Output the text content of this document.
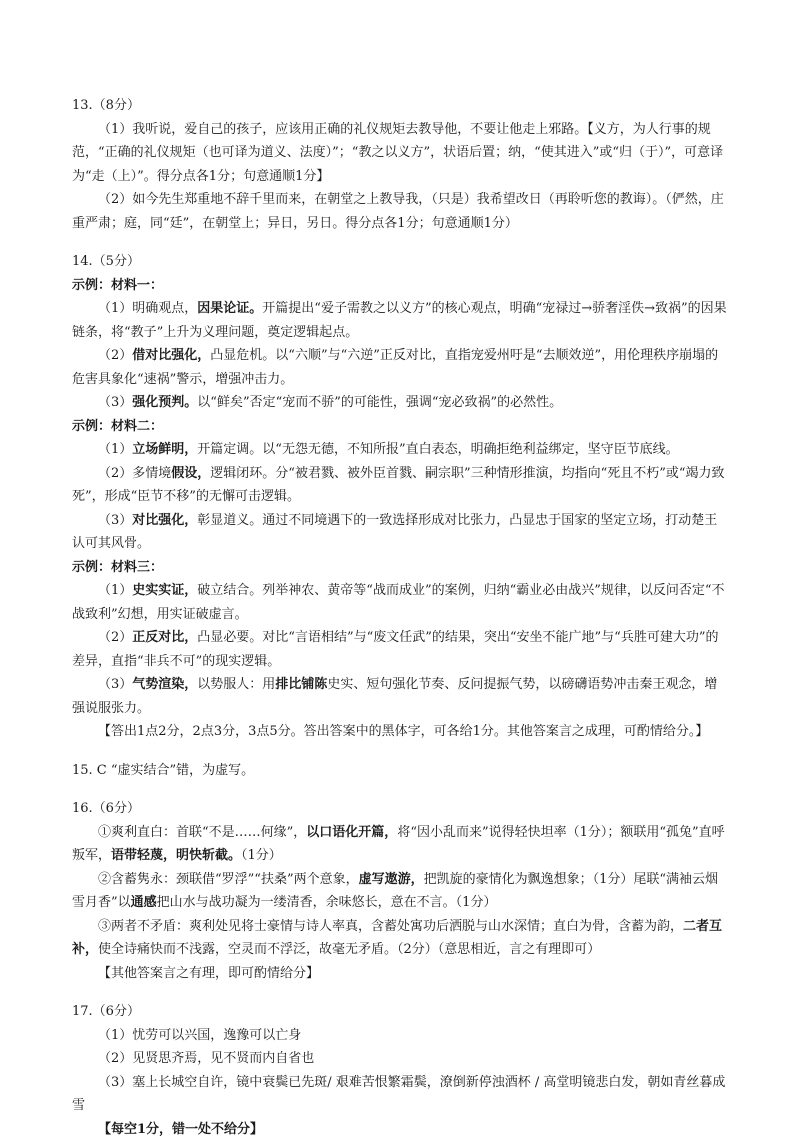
13.（8分）

（1）我听说，爱自己的孩子，应该用正确的礼仪规矩去教导他，不要让他走上邪路。【义方，为人行事的规范，“正确的礼仪规矩（也可译为道义、法度）”；“教之以义方”，状语后置；纳，“使其进入”或“归（于）”，可意译为“走（上）”。得分点各1分；句意通顺1分】

（2）如今先生郑重地不辞千里而来，在朝堂之上教导我，（只是）我希望改日（再聆听您的教诲）。（俨然，庄重严肃；庭，同“廷”，在朝堂上；异日，另日。得分点各1分；句意通顺1分）

14.（5分）

示例：材料一：

（1）明确观点，因果论证。开篇提出“爱子需教之以义方”的核心观点，明确“宠禄过→骄奢淫佚→致祸”的因果链条，将“教子”上升为义理问题，奠定逻辑起点。

（2）借对比强化，凸显危机。以“六顺”与“六逆”正反对比，直指宠爱州吁是“去顺效逆”，用伦理秩序崩塌的危害具象化“速祸”警示，增强冲击力。

（3）强化预判。以“鲜矣”否定“宠而不骄”的可能性，强调“宠必致祸”的必然性。

示例：材料二：

（1）立场鲜明，开篇定调。以“无怨无德，不知所报”直白表态，明确拒绝利益绑定，坚守臣节底线。

（2）多情境假设，逻辑闭环。分“被君戮、被外臣首戮、嗣宗职”三种情形推演，均指向“死且不朽”或“竭力致死”，形成“臣节不移”的无懈可击逻辑。

（3）对比强化，彰显道义。通过不同境遇下的一致选择形成对比张力，凸显忠于国家的坚定立场，打动楚王认可其风骨。

示例：材料三：

（1）史实实证，破立结合。列举神农、黄帝等“战而成业”的案例，归纳“霸业必由战兴”规律，以反问否定“不战致利”幻想，用实证破虚言。

（2）正反对比，凸显必要。对比“言语相结”与“废文任武”的结果，突出“安坐不能广地”与“兵胜可建大功”的差异，直指“非兵不可”的现实逻辑。

（3）气势渲染，以势服人：用排比铺陈史实、短句强化节奏、反问提振气势，以磅礴语势冲击秦王观念，增强说服张力。

【答出1点2分，2点3分，3点5分。答出答案中的黑体字，可各给1分。其他答案言之成理，可酌情给分。】

15. C “虚实结合”错，为虚写。

16.（6分）

①爽利直白：首联“不是……何缘”，以口语化开篇，将“因小乱而来”说得轻快坦率（1分）；额联用“孤兔”直呼叛军，语带轻蔑，明快斩截。（1分）

②含蓄隽永：颈联借“罗浮”“扶桑”两个意象，虚写遨游，把凯旋的豪情化为飘逸想象；（1分）尾联“满袖云烟雪月香”以通感把山水与战功凝为一缕清香，余味悠长，意在不言。（1分）

③两者不矛盾：爽利处见将士豪情与诗人率真，含蓄处寓功后洒脱与山水深情；直白为骨，含蓄为韵，二者互补，使全诗痛快而不浅露，空灵而不浮泛，故毫无矛盾。（2分）（意思相近，言之有理即可）

【其他答案言之有理，即可酌情给分】

17.（6分）

（1）忧劳可以兴国，逸豫可以亡身

（2）见贤思齐焉，见不贤而内自省也

（3）塞上长城空自许，镜中衰鬓已先斑/ 艰难苦恨繁霜鬓，潦倒新停浊酒杯 / 高堂明镜悲白发，朝如青丝暮成雪

【每空1分，错一处不给分】
